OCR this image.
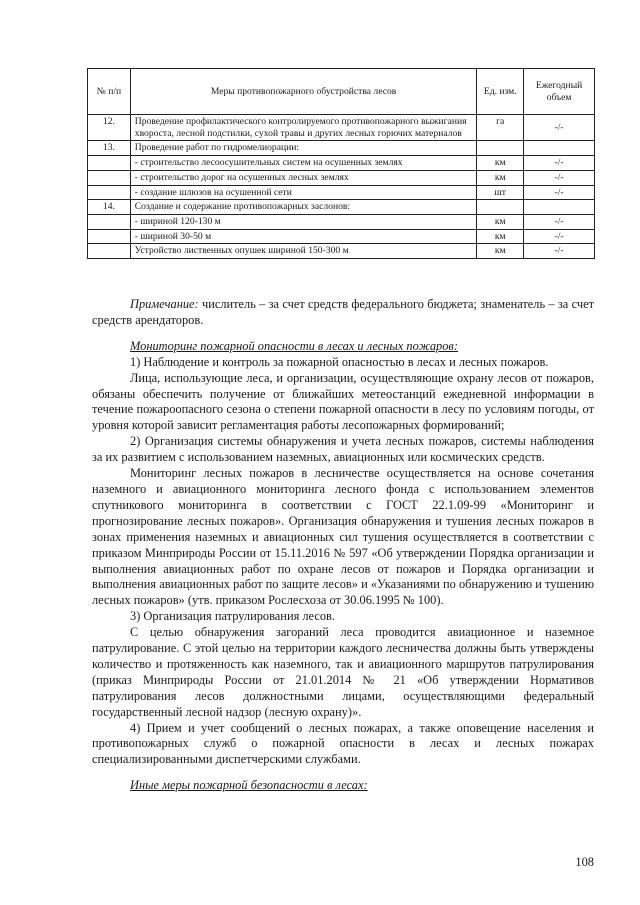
№ п/п	Меры противопожарного обустройства лесов	Ед. изм.	Ежегодный объем
12.	Проведение профилактического контролируемого противопожарного выжигания хвороста, лесной подстилки, сухой травы и других лесных горючих материалов	га	-/-
13.	Проведение работ по гидромелиорации:		
	- строительство лесоосушительных систем на осушенных землях	км	-/-
	- строительство дорог на осушенных лесных землях	км	-/-
	- создание шлюзов на осушенной сети	шт	-/-
14.	Создание и содержание противопожарных заслонов:		
	- шириной 120-130 м	км	-/-
	- шириной 30-50 м	км	-/-
	Устройство лиственных опушек шириной 150-300 м	км	-/-

Примечание: числитель – за счет средств федерального бюджета; знаменатель – за счет средств арендаторов.

Мониторинг пожарной опасности в лесах и лесных пожаров:

1) Наблюдение и контроль за пожарной опасностью в лесах и лесных пожаров.

Лица, использующие леса, и организации, осуществляющие охрану лесов от пожаров, обязаны обеспечить получение от ближайших метеостанций ежедневной информации в течение пожароопасного сезона о степени пожарной опасности в лесу по условиям погоды, от уровня которой зависит регламентация работы лесопожарных формирований;

2) Организация системы обнаружения и учета лесных пожаров, системы наблюдения за их развитием с использованием наземных, авиационных или космических средств.

Мониторинг лесных пожаров в лесничестве осуществляется на основе сочетания наземного и авиационного мониторинга лесного фонда с использованием элементов спутникового мониторинга в соответствии с ГОСТ 22.1.09-99 «Мониторинг и прогнозирование лесных пожаров». Организация обнаружения и тушения лесных пожаров в зонах применения наземных и авиационных сил тушения осуществляется в соответствии с приказом Минприроды России от 15.11.2016 № 597 «Об утверждении Порядка организации и выполнения авиационных работ по охране лесов от пожаров и Порядка организации и выполнения авиационных работ по защите лесов» и «Указаниями по обнаружению и тушению лесных пожаров» (утв. приказом Рослесхоза от 30.06.1995 № 100).

3) Организация патрулирования лесов.

С целью обнаружения загораний леса проводится авиационное и наземное патрулирование. С этой целью на территории каждого лесничества должны быть утверждены количество и протяженность как наземного, так и авиационного маршрутов патрулирования (приказ Минприроды России от 21.01.2014 № 21 «Об утверждении Нормативов патрулирования лесов должностными лицами, осуществляющими федеральный государственный лесной надзор (лесную охрану)».

4) Прием и учет сообщений о лесных пожарах, а также оповещение населения и противопожарных служб о пожарной опасности в лесах и лесных пожарах специализированными диспетчерскими службами.

Иные меры пожарной безопасности в лесах:

108
